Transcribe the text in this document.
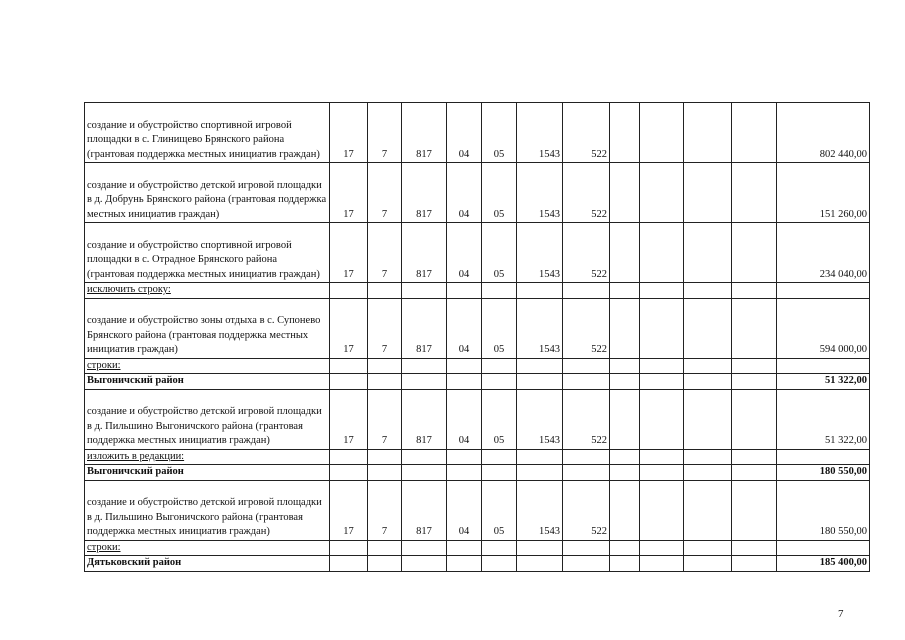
создание и обустройство спортивной игровой площадки в с. Глинищево Брянского района (грантовая поддержка местных инициатив граждан)	17	7	817	04	05	1543	522					802 440,00
создание и обустройство детской игровой площадки в д. Добрунь Брянского района (грантовая поддержка местных инициатив граждан)	17	7	817	04	05	1543	522					151 260,00
создание и обустройство спортивной игровой площадки в с. Отрадное Брянского района (грантовая поддержка местных инициатив граждан)	17	7	817	04	05	1543	522					234 040,00
исключить строку:												
создание и обустройство зоны отдыха в с. Супонево Брянского района (грантовая поддержка местных инициатив граждан)	17	7	817	04	05	1543	522					594 000,00
строки:												
Выгоничский район												51 322,00
создание и обустройство детской игровой площадки в д. Пильшино Выгоничского района (грантовая поддержка местных инициатив граждан)	17	7	817	04	05	1543	522					51 322,00
изложить в редакции:												
Выгоничский район												180 550,00
создание и обустройство детской игровой площадки в д. Пильшино Выгоничского района (грантовая поддержка местных инициатив граждан)	17	7	817	04	05	1543	522					180 550,00
строки:												
Дятьковский район												185 400,00
7
